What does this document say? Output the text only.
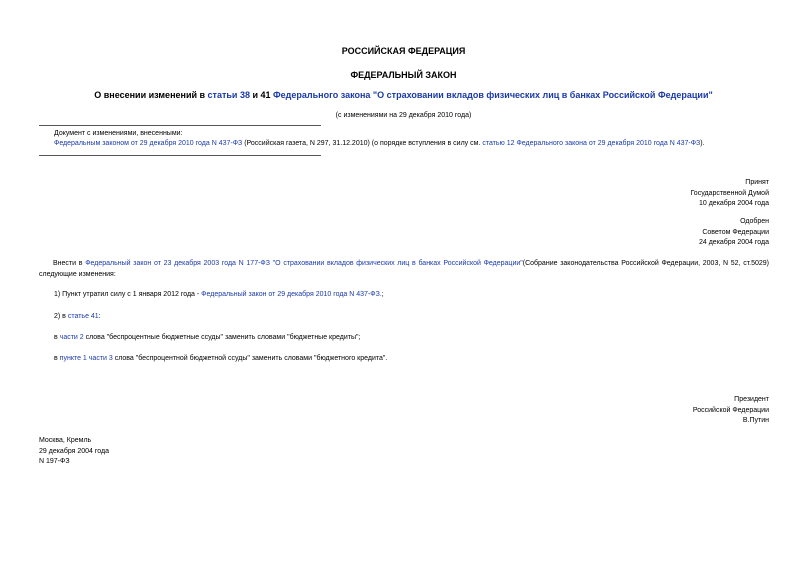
РОССИЙСКАЯ ФЕДЕРАЦИЯ
ФЕДЕРАЛЬНЫЙ ЗАКОН
О внесении изменений в статьи 38 и 41 Федерального закона "О страховании вкладов физических лиц в банках Российской Федерации"
(с изменениями на 29 декабря 2010 года)
Документ с изменениями, внесенными:
Федеральным законом от 29 декабря 2010 года N 437-ФЗ (Российская газета, N 297, 31.12.2010) (о порядке вступления в силу см. статью 12 Федерального закона от 29 декабря 2010 года N 437-ФЗ).
Принят
Государственной Думой
10 декабря 2004 года
Одобрен
Советом Федерации
24 декабря 2004 года
Внести в Федеральный закон от 23 декабря 2003 года N 177-ФЗ "О страховании вкладов физических лиц в банках Российской Федерации"(Собрание законодательства Российской Федерации, 2003, N 52, ст.5029) следующие изменения:
1) Пункт утратил силу с 1 января 2012 года - Федеральный закон от 29 декабря 2010 года N 437-ФЗ.;
2) в статье 41:
в части 2 слова "беспроцентные бюджетные ссуды" заменить словами "бюджетные кредиты";
в пункте 1 части 3 слова "беспроцентной бюджетной ссуды" заменить словами "бюджетного кредита".
Президент
Российской Федерации
В.Путин
Москва, Кремль
29 декабря 2004 года
N 197-ФЗ
